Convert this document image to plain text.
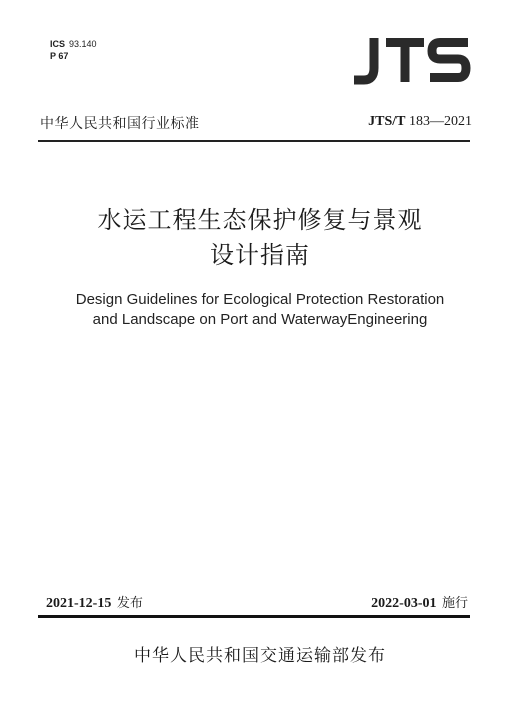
ICS 93.140
P 67
JTS
中华人民共和国行业标准	JTS/T 183—2021
水运工程生态保护修复与景观
设计指南
Design Guidelines for Ecological Protection Restoration
and Landscape on Port and WaterwayEngineering
2021-12-15 发布	2022-03-01 施行
中华人民共和国交通运输部发布
